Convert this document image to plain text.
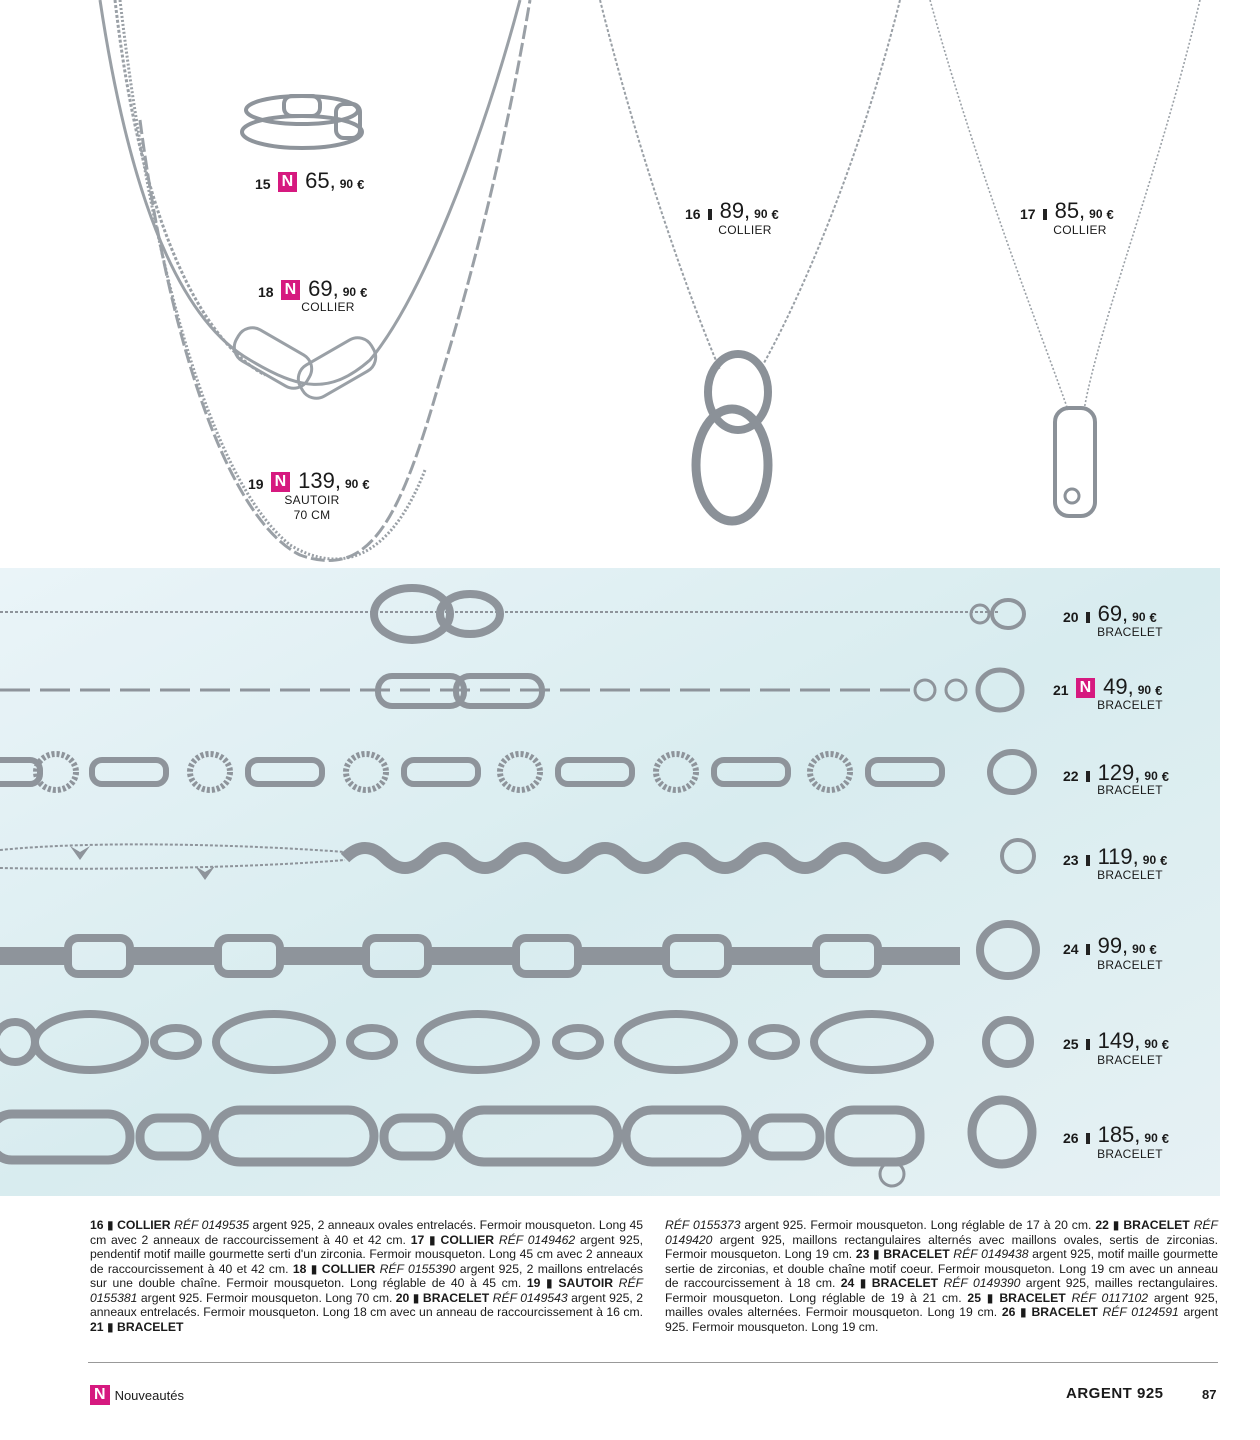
15 N 65, 90 €
16 89, 90 €
COLLIER
17 85, 90 €
COLLIER
18 N 69, 90 €
COLLIER
19 N 139, 90 €
SAUTOIR
70 CM
20 69, 90 €
BRACELET
21 N 49, 90 €
BRACELET
22 129, 90 €
BRACELET
23 119, 90 €
BRACELET
24 99, 90 €
BRACELET
25 149, 90 €
BRACELET
26 185, 90 €
BRACELET
16 ▮ COLLIER RÉF 0149535 argent 925, 2 anneaux ovales entrelacés. Fermoir mousqueton. Long 45 cm avec 2 anneaux de raccourcissement à 40 et 42 cm. 17 ▮ COLLIER RÉF 0149462 argent 925, pendentif motif maille gourmette serti d'un zirconia. Fermoir mousqueton. Long 45 cm avec 2 anneaux de raccourcissement à 40 et 42 cm. 18 ▮ COLLIER RÉF 0155390 argent 925, 2 maillons entrelacés sur une double chaîne. Fermoir mousqueton. Long réglable de 40 à 45 cm. 19 ▮ SAUTOIR RÉF 0155381 argent 925. Fermoir mousqueton. Long 70 cm. 20 ▮ BRACELET RÉF 0149543 argent 925, 2 anneaux entrelacés. Fermoir mousqueton. Long 18 cm avec un anneau de raccourcissement à 16 cm. 21 ▮ BRACELET
RÉF 0155373 argent 925. Fermoir mousqueton. Long réglable de 17 à 20 cm. 22 ▮ BRACELET RÉF 0149420 argent 925, maillons rectangulaires alternés avec maillons ovales, sertis de zirconias. Fermoir mousqueton. Long 19 cm. 23 ▮ BRACELET RÉF 0149438 argent 925, motif maille gourmette sertie de zirconias, et double chaîne motif coeur. Fermoir mousqueton. Long 19 cm avec un anneau de raccourcissement à 18 cm. 24 ▮ BRACELET RÉF 0149390 argent 925, mailles rectangulaires. Fermoir mousqueton. Long réglable de 19 à 21 cm. 25 ▮ BRACELET RÉF 0117102 argent 925, mailles ovales alternées. Fermoir mousqueton. Long 19 cm. 26 ▮ BRACELET RÉF 0124591 argent 925. Fermoir mousqueton. Long 19 cm.
N Nouveautés	ARGENT 925	87
